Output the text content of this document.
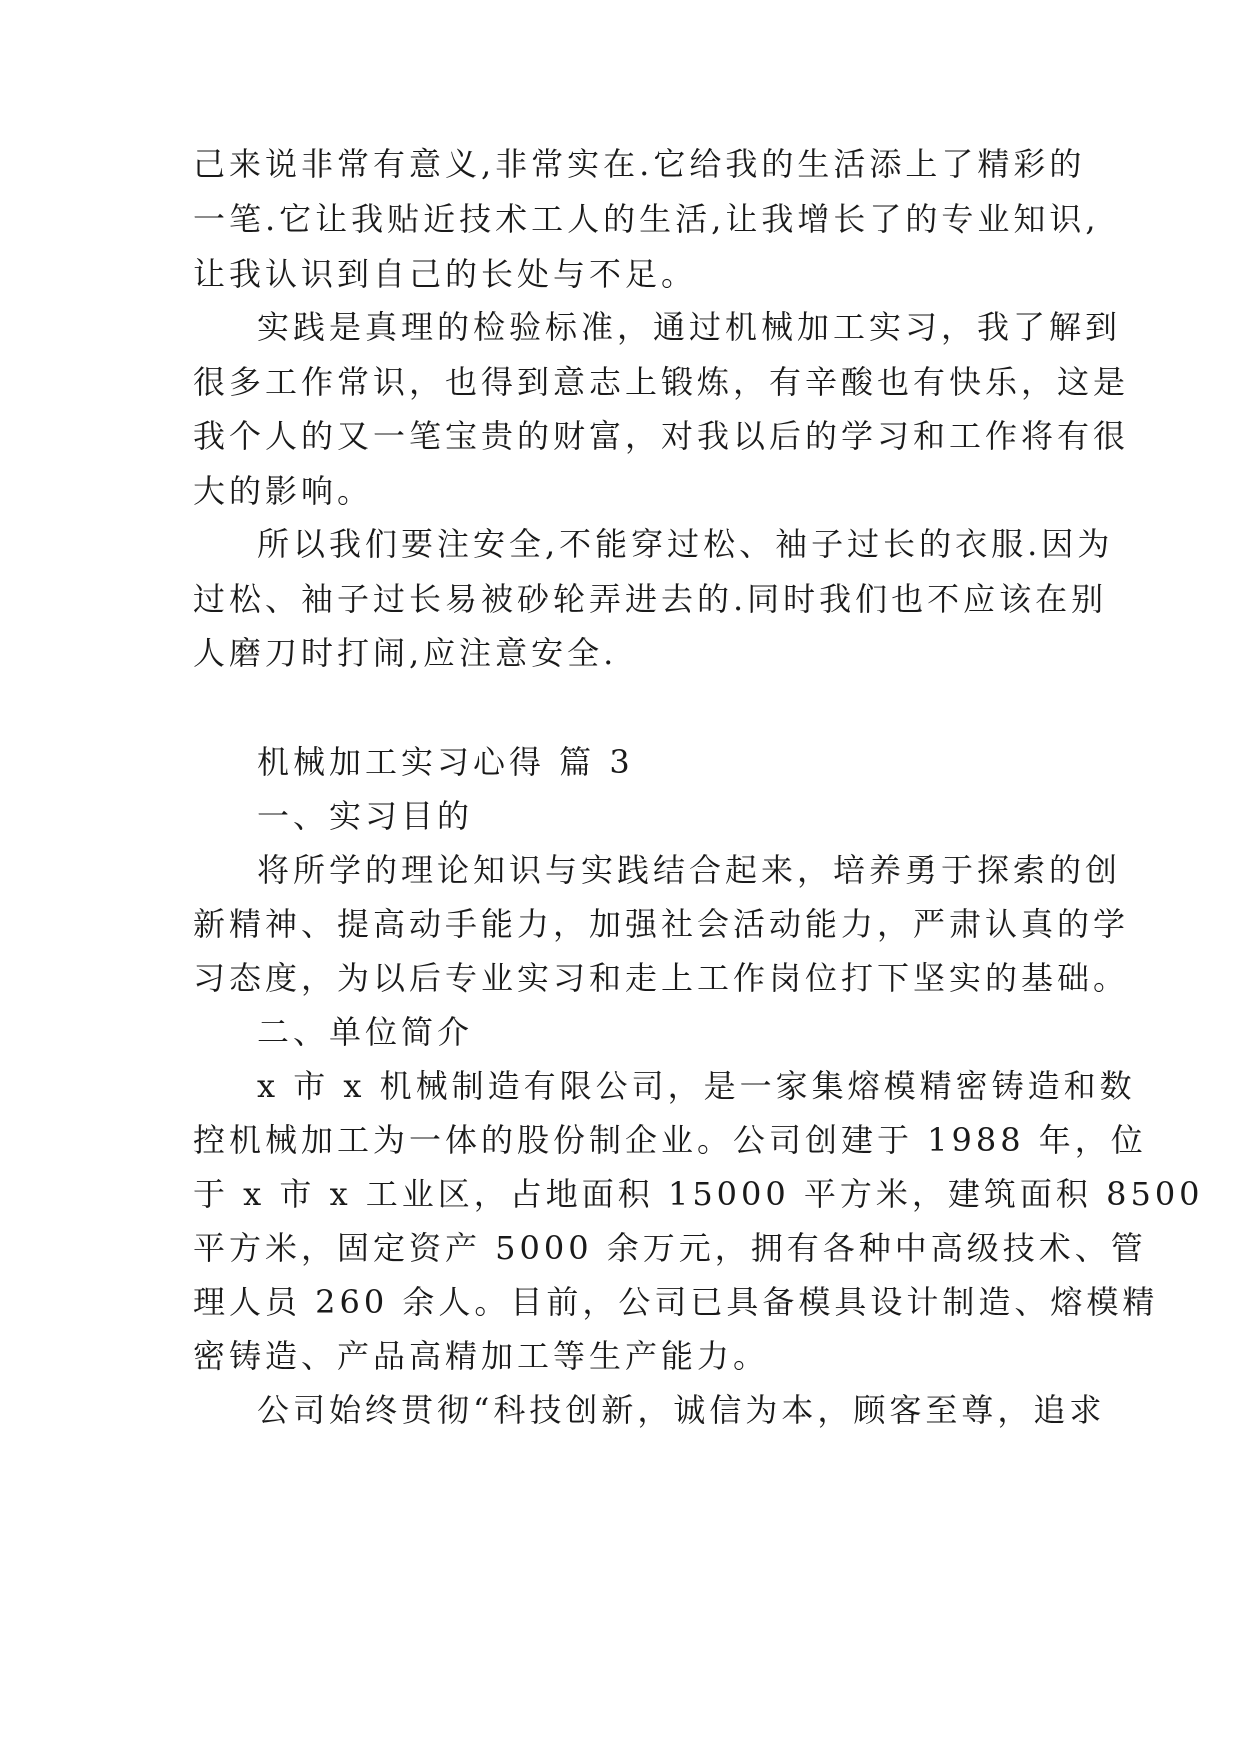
己来说非常有意义,非常实在.它给我的生活添上了精彩的
一笔.它让我贴近技术工人的生活,让我增长了的专业知识,
让我认识到自己的长处与不足。
实践是真理的检验标准，通过机械加工实习，我了解到
很多工作常识，也得到意志上锻炼，有辛酸也有快乐，这是
我个人的又一笔宝贵的财富，对我以后的学习和工作将有很
大的影响。
所以我们要注安全,不能穿过松、袖子过长的衣服.因为
过松、袖子过长易被砂轮弄进去的.同时我们也不应该在别
人磨刀时打闹,应注意安全.
机械加工实习心得 篇 3
一、实习目的
将所学的理论知识与实践结合起来，培养勇于探索的创
新精神、提高动手能力，加强社会活动能力，严肃认真的学
习态度，为以后专业实习和走上工作岗位打下坚实的基础。
二、单位简介
x 市 x 机械制造有限公司，是一家集熔模精密铸造和数
控机械加工为一体的股份制企业。公司创建于 1988 年，位
于 x 市 x 工业区，占地面积 15000 平方米，建筑面积 8500
平方米，固定资产 5000 余万元，拥有各种中高级技术、管
理人员 260 余人。目前，公司已具备模具设计制造、熔模精
密铸造、产品高精加工等生产能力。
公司始终贯彻“科技创新，诚信为本，顾客至尊，追求
